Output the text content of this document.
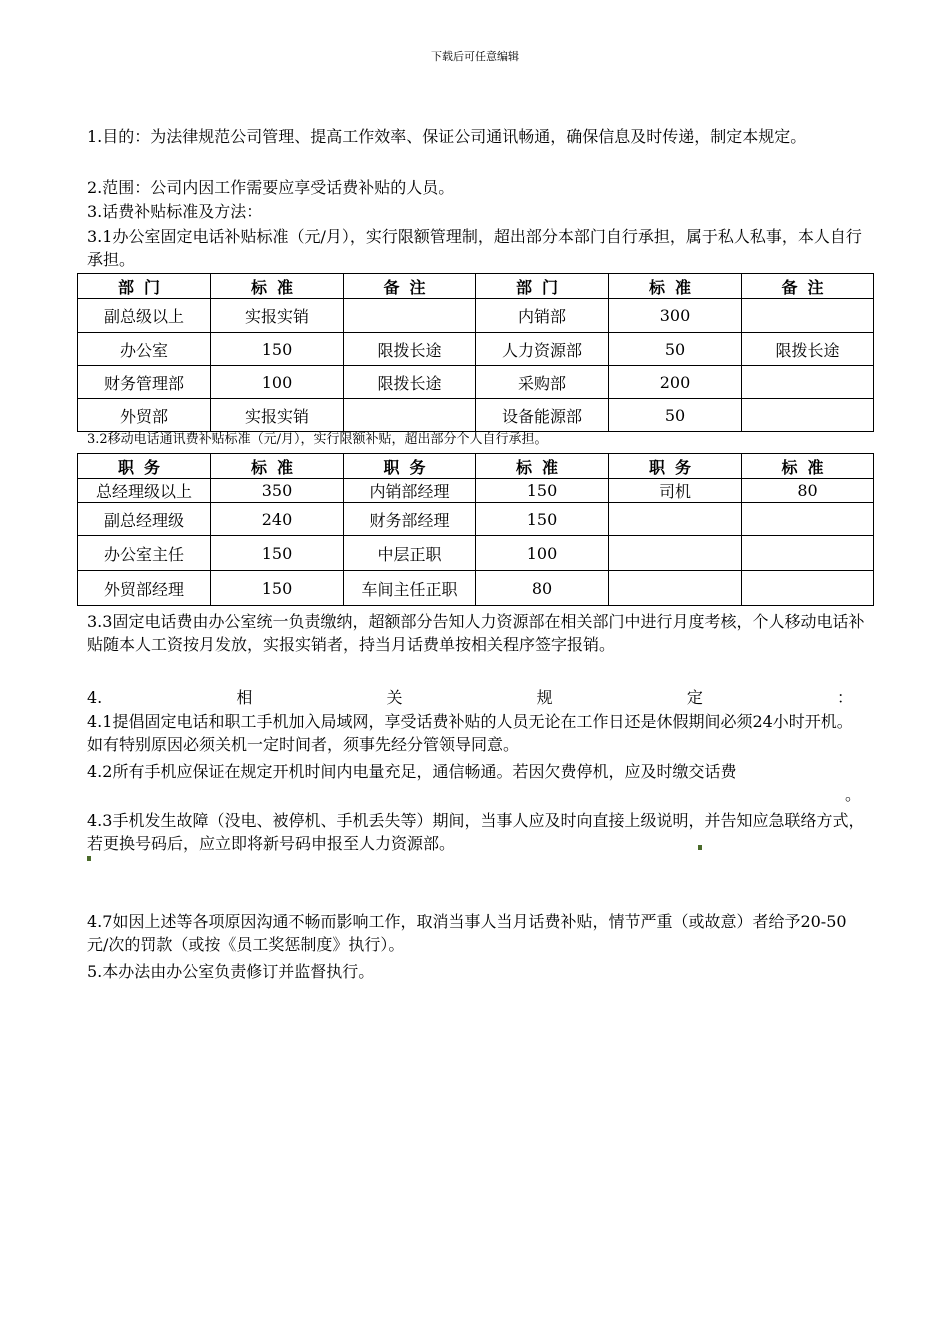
下载后可任意编辑
1.目的：为法律规范公司管理、提高工作效率、保证公司通讯畅通，确保信息及时传递，制定本规定。
2.范围：公司内因工作需要应享受话费补贴的人员。
3.话费补贴标准及方法：
3.1办公室固定电话补贴标准（元/月），实行限额管理制，超出部分本部门自行承担，属于私人私事，本人自行承担。
部门	标准	备注	部门	标准	备注
副总级以上	实报实销		内销部	300	
办公室	150	限拨长途	人力资源部	50	限拨长途
财务管理部	100	限拨长途	采购部	200	
外贸部	实报实销		设备能源部	50	
3.2移动电话通讯费补贴标准（元/月），实行限额补贴，超出部分个人自行承担。
职务	标准	职务	标准	职务	标准
总经理级以上	350	内销部经理	150	司机	80
副总经理级	240	财务部经理	150		
办公室主任	150	中层正职	100		
外贸部经理	150	车间主任正职	80		
3.3固定电话费由办公室统一负责缴纳，超额部分告知人力资源部在相关部门中进行月度考核，个人移动电话补贴随本人工资按月发放，实报实销者，持当月话费单按相关程序签字报销。
4.	相	关	规	定	：
4.1提倡固定电话和职工手机加入局域网，享受话费补贴的人员无论在工作日还是休假期间必须24小时开机。如有特别原因必须关机一定时间者，须事先经分管领导同意。
4.2所有手机应保证在规定开机时间内电量充足，通信畅通。若因欠费停机，应及时缴交话费
。
4.3手机发生故障（没电、被停机、手机丢失等）期间，当事人应及时向直接上级说明，并告知应急联络方式，若更换号码后，应立即将新号码申报至人力资源部。
4.7如因上述等各项原因沟通不畅而影响工作，取消当事人当月话费补贴，情节严重（或故意）者给予20-50元/次的罚款（或按《员工奖惩制度》执行）。
5.本办法由办公室负责修订并监督执行。
